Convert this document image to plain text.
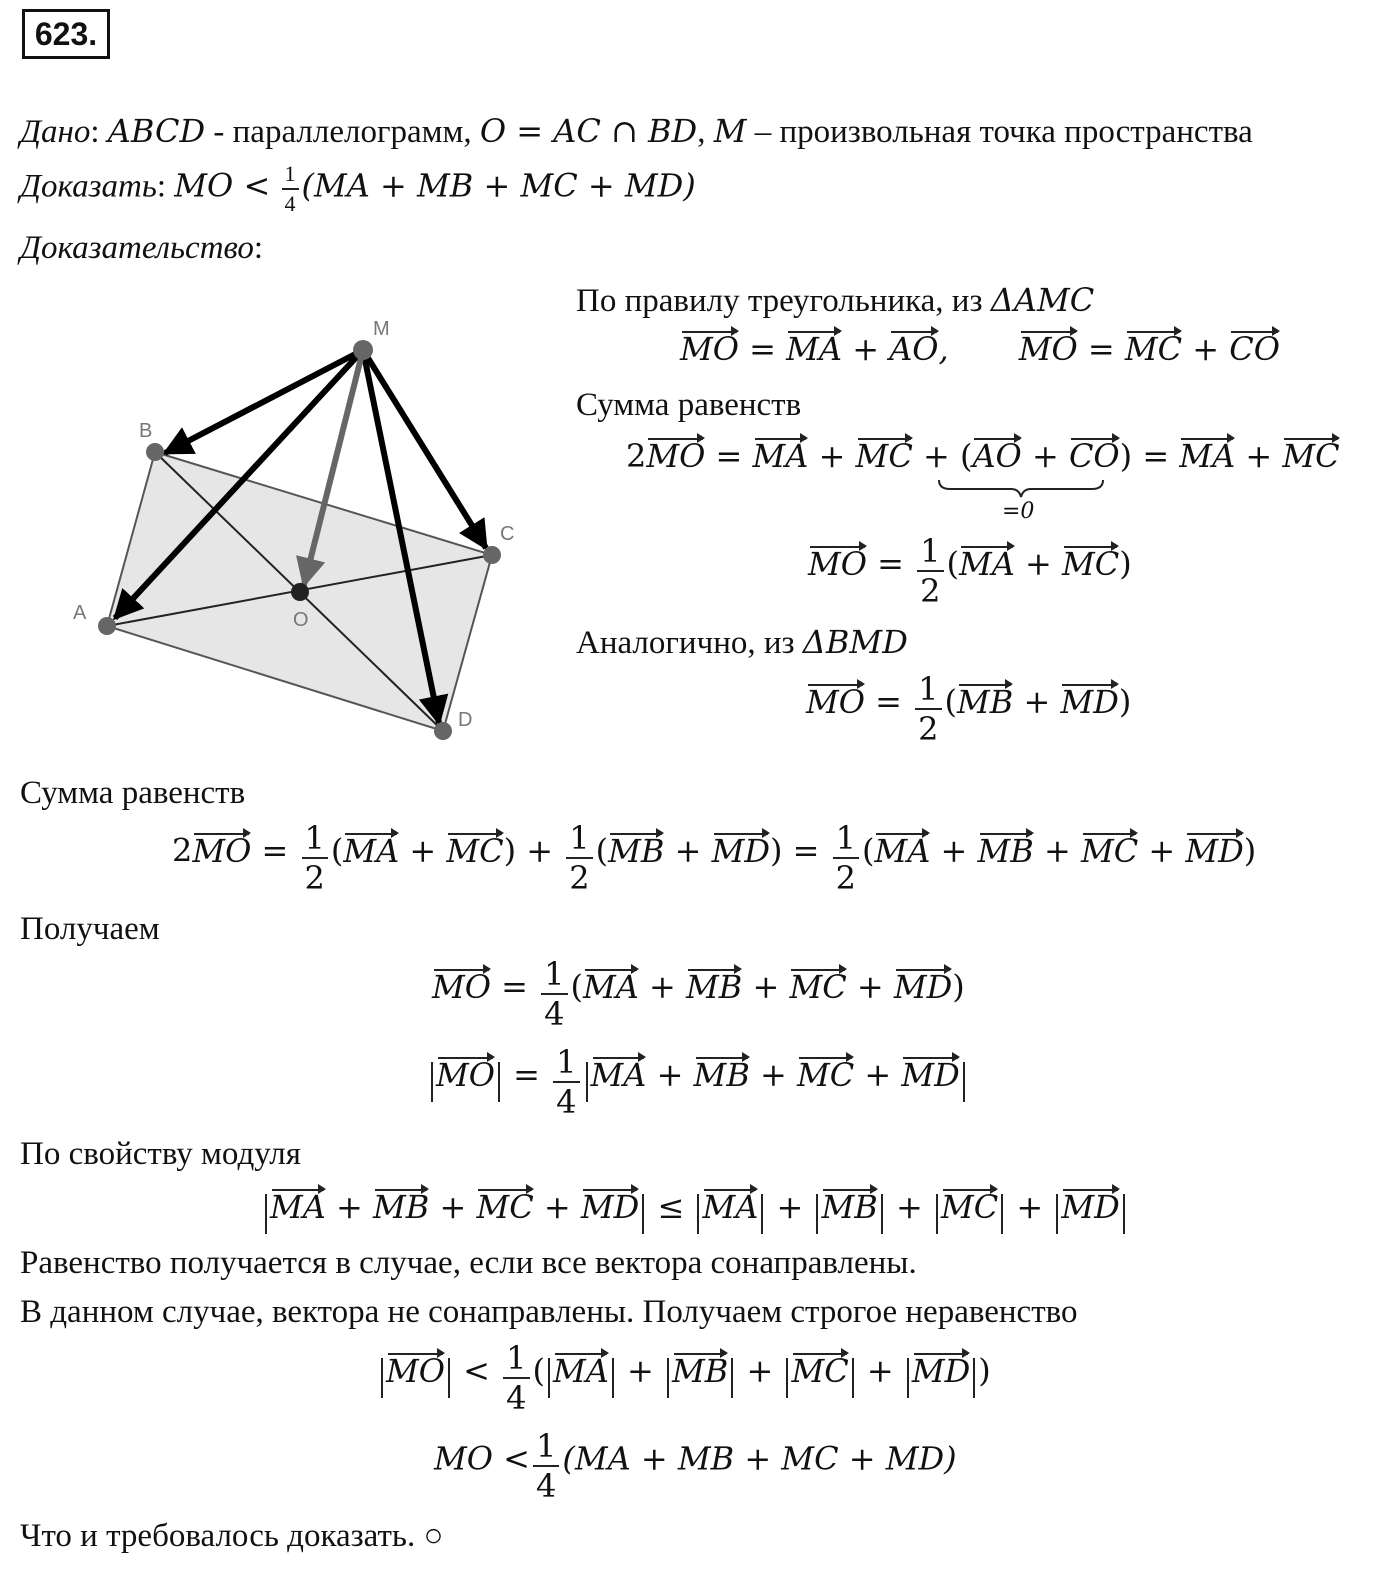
623.
Дано: ABCD - параллелограмм, O = AC ∩ BD, M – произвольная точка пространства
Доказать: MO < $\frac{1}{4} (MA$ + MB + MC + MD)
Доказательство:
M
B
C
A	O
D
По правилу треугольника, из ΔAMC
MO = MA + AO, MO = MC + CO
Сумма равенств
2MO = MA + MC + (AO + CO) = MA + MC
=0
MO = $\frac{1}{2} (MA + MC)$
Аналогично, из ΔBMD
MO = $\frac{1}{2} (MB + MD)$
Сумма равенств
$2MO = \frac{1}{2} (MA + MC) + \frac{1}{2} (MB + MD) = \frac{1}{2} (MA$ + MB + MC + MD)
Получаем
MO = $\frac{1}{4} (MA$ + MB + MC + MD)
MO = $\frac{1}{4}$ MA + MB + MC + MD
По свойству модуля
MA + MB + MC + MD ≤ MA + MB + MC + MD
Равенство получается в случае, если все вектора сонаправлены.
В данном случае, вектора не сонаправлены. Получаем строгое неравенство
MO < $\frac{1}{4}$ ( MA + MB + MC + MD )
MO < $\frac{1}{4} (MA$ + MB + MC + MD)
Что и требовалось доказать. ○
